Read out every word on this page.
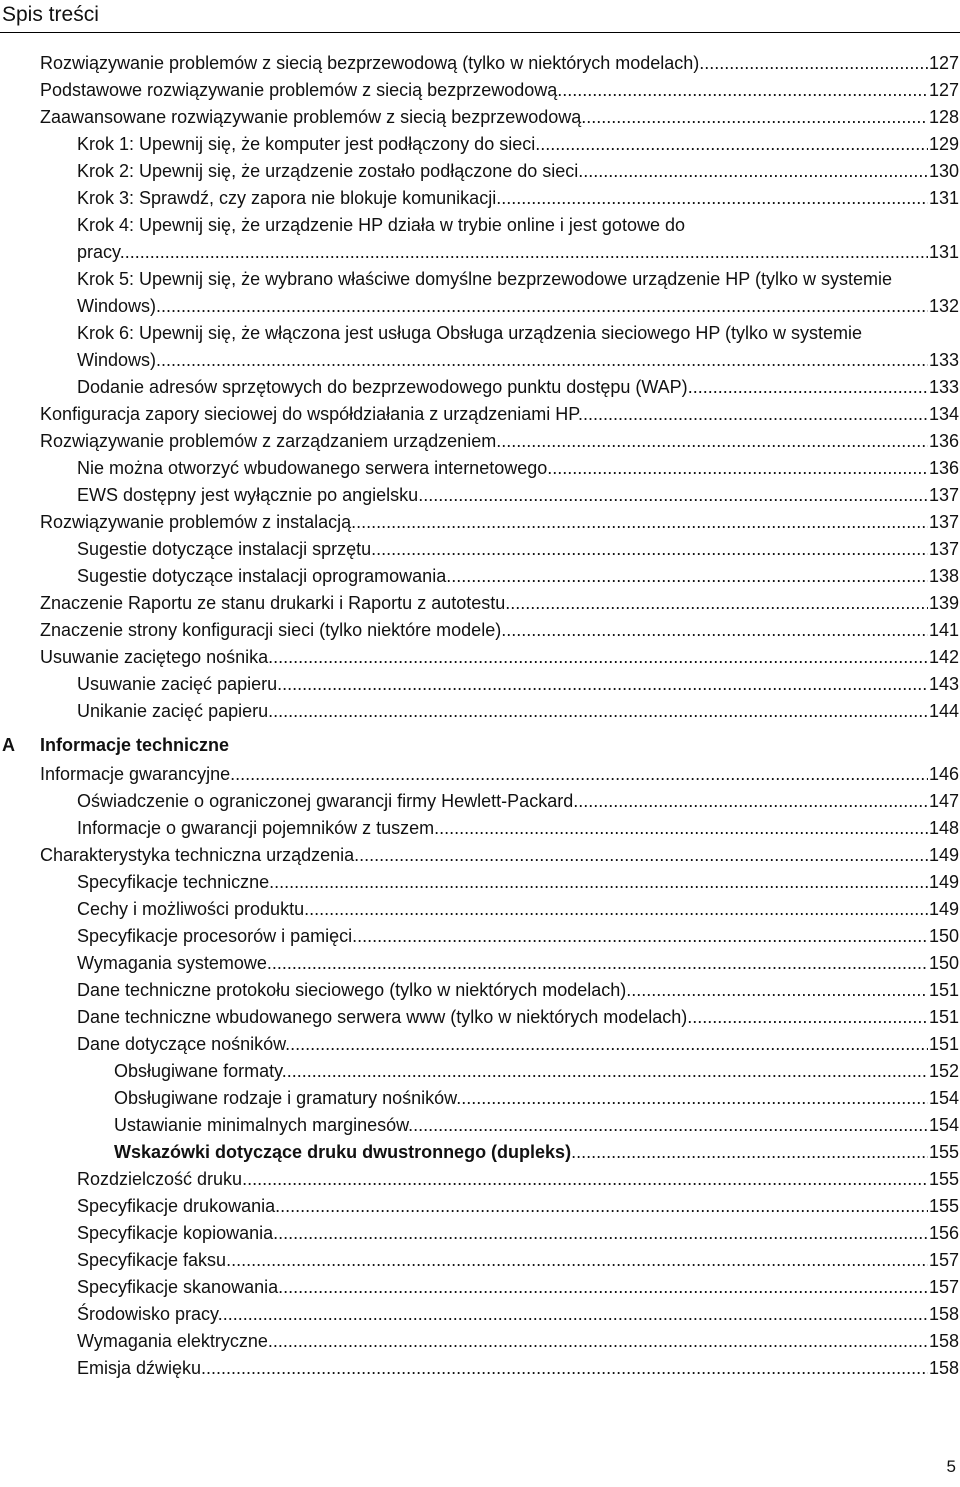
Spis treści
Rozwiązywanie problemów z siecią bezprzewodową (tylko w niektórych modelach) .....	127
Podstawowe rozwiązywanie problemów z siecią bezprzewodową .....	127
Zaawansowane rozwiązywanie problemów z siecią bezprzewodową .....	128
Krok 1: Upewnij się, że komputer jest podłączony do sieci .....	129
Krok 2: Upewnij się, że urządzenie zostało podłączone do sieci .....	130
Krok 3: Sprawdź, czy zapora nie blokuje komunikacji .....	131
Krok 4: Upewnij się, że urządzenie HP działa w trybie online i jest gotowe do pracy .....	131
Krok 5: Upewnij się, że wybrano właściwe domyślne bezprzewodowe urządzenie HP (tylko w systemie Windows) .....	132
Krok 6: Upewnij się, że włączona jest usługa Obsługa urządzenia sieciowego HP (tylko w systemie Windows) .....	133
Dodanie adresów sprzętowych do bezprzewodowego punktu dostępu (WAP) .....	133
Konfiguracja zapory sieciowej do współdziałania z urządzeniami HP .....	134
Rozwiązywanie problemów z zarządzaniem urządzeniem .....	136
Nie można otworzyć wbudowanego serwera internetowego .....	136
EWS dostępny jest wyłącznie po angielsku .....	137
Rozwiązywanie problemów z instalacją .....	137
Sugestie dotyczące instalacji sprzętu .....	137
Sugestie dotyczące instalacji oprogramowania .....	138
Znaczenie Raportu ze stanu drukarki i Raportu z autotestu .....	139
Znaczenie strony konfiguracji sieci (tylko niektóre modele) .....	141
Usuwanie zaciętego nośnika .....	142
Usuwanie zacięć papieru .....	143
Unikanie zacięć papieru .....	144
A Informacje techniczne
Informacje gwarancyjne .....	146
Oświadczenie o ograniczonej gwarancji firmy Hewlett-Packard .....	147
Informacje o gwarancji pojemników z tuszem .....	148
Charakterystyka techniczna urządzenia .....	149
Specyfikacje techniczne .....	149
Cechy i możliwości produktu .....	149
Specyfikacje procesorów i pamięci .....	150
Wymagania systemowe .....	150
Dane techniczne protokołu sieciowego (tylko w niektórych modelach) .....	151
Dane techniczne wbudowanego serwera www (tylko w niektórych modelach) .....	151
Dane dotyczące nośników .....	151
Obsługiwane formaty .....	152
Obsługiwane rodzaje i gramatury nośników .....	154
Ustawianie minimalnych marginesów .....	154
Wskazówki dotyczące druku dwustronnego (dupleks) .....	155
Rozdzielczość druku .....	155
Specyfikacje drukowania .....	155
Specyfikacje kopiowania .....	156
Specyfikacje faksu .....	157
Specyfikacje skanowania .....	157
Środowisko pracy .....	158
Wymagania elektryczne .....	158
Emisja dźwięku .....	158
5
